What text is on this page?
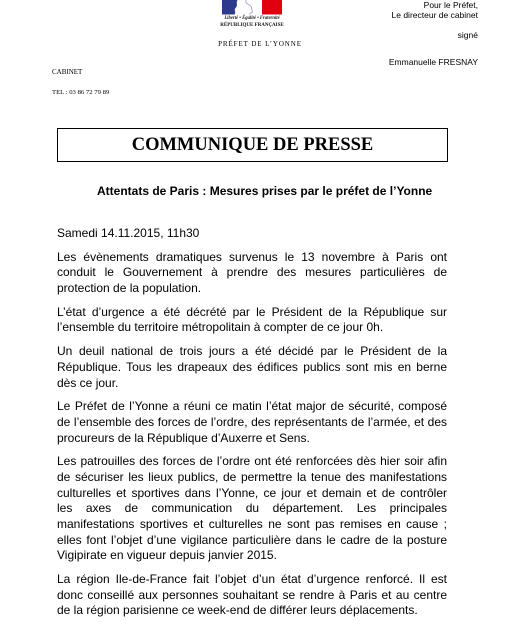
Liberté • Égalité • Fraternité
RÉPUBLIQUE FRANÇAISE
PRÉFET DE L’YONNE
Pour le Préfet,
Le directeur de cabinet
signé
Emmanuelle FRESNAY
CABINET
TEL : 03 86 72 79 89
COMMUNIQUE DE PRESSE
Attentats de Paris : Mesures prises par le préfet de l’Yonne
Samedi 14.11.2015, 11h30
Les évènements dramatiques survenus le 13 novembre à Paris ont
conduit le Gouvernement à prendre des mesures particulières de
protection de la population.
L’état d’urgence a été décrété par le Président de la République sur
l’ensemble du territoire métropolitain à compter de ce jour 0h.
Un deuil national de trois jours a été décidé par le Président de la
République. Tous les drapeaux des édifices publics sont mis en berne
dès ce jour.
Le Préfet de l’Yonne a réuni ce matin l’état major de sécurité, composé
de l’ensemble des forces de l’ordre, des représentants de l’armée, et des
procureurs de la République d’Auxerre et Sens.
Les patrouilles des forces de l’ordre ont été renforcées dès hier soir afin
de sécuriser les lieux publics, de permettre la tenue des manifestations
culturelles et sportives dans l’Yonne, ce jour et demain et de contrôler
les axes de communication du département. Les principales
manifestations sportives et culturelles ne sont pas remises en cause ;
elles font l’objet d’une vigilance particulière dans le cadre de la posture
Vigipirate en vigueur depuis janvier 2015.
La région Ile-de-France fait l’objet d’un état d’urgence renforcé. Il est
donc conseillé aux personnes souhaitant se rendre à Paris et au centre
de la région parisienne ce week-end de différer leurs déplacements.
